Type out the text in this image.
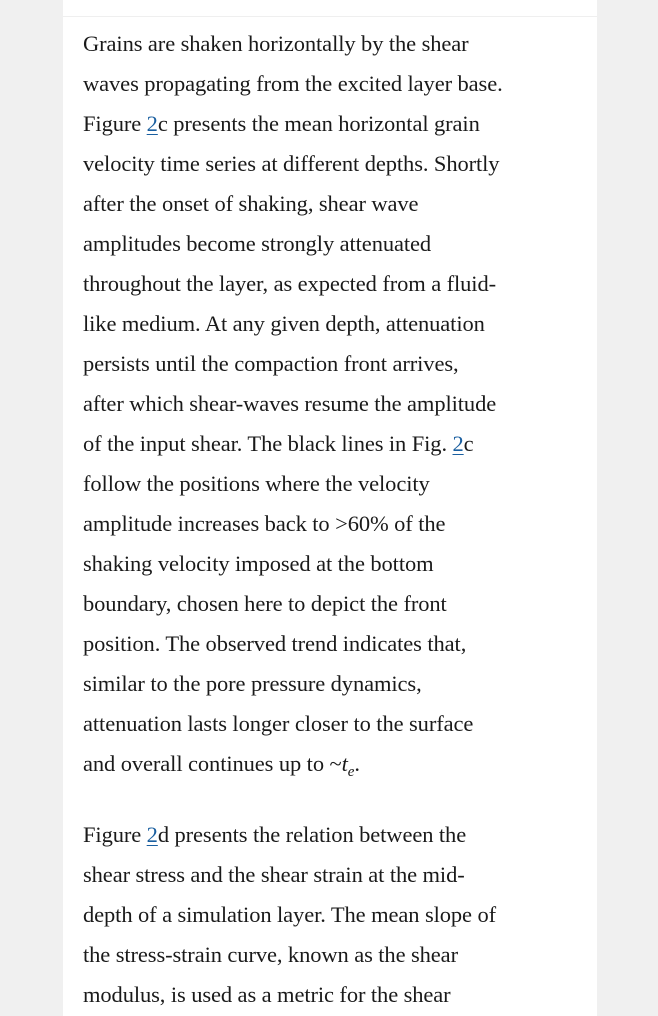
Grains are shaken horizontally by the shear
waves propagating from the excited layer base.
Figure 2c presents the mean horizontal grain
velocity time series at different depths. Shortly
after the onset of shaking, shear wave
amplitudes become strongly attenuated
throughout the layer, as expected from a fluid-
like medium. At any given depth, attenuation
persists until the compaction front arrives,
after which shear-waves resume the amplitude
of the input shear. The black lines in Fig. 2c
follow the positions where the velocity
amplitude increases back to >60% of the
shaking velocity imposed at the bottom
boundary, chosen here to depict the front
position. The observed trend indicates that,
similar to the pore pressure dynamics,
attenuation lasts longer closer to the surface
and overall continues up to $\sim t_e$.

Figure 2d presents the relation between the
shear stress and the shear strain at the mid-
depth of a simulation layer. The mean slope of
the stress-strain curve, known as the shear
modulus, is used as a metric for the shear
